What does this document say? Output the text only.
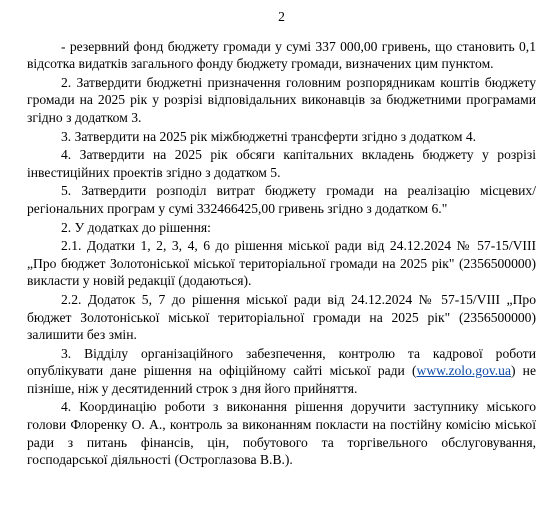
2

- резервний фонд бюджету громади у сумі 337 000,00 гривень, що становить 0,1 відсотка видатків загального фонду бюджету громади, визначених цим пунктом.

2. Затвердити бюджетні призначення головним розпорядникам коштів бюджету громади на 2025 рік у розрізі відповідальних виконавців за бюджетними програмами згідно з додатком 3.

3. Затвердити на 2025 рік міжбюджетні трансферти згідно з додатком 4.

4. Затвердити на 2025 рік обсяги капітальних вкладень бюджету у розрізі інвестиційних проектів згідно з додатком 5.

5. Затвердити розподіл витрат бюджету громади на реалізацію місцевих/регіональних програм у сумі 332466425,00 гривень згідно з додатком 6."

2. У додатках до рішення:

2.1. Додатки 1, 2, 3, 4, 6 до рішення міської ради від 24.12.2024 № 57-15/VIII „Про бюджет Золотоніської міської територіальної громади на 2025 рік" (2356500000) викласти у новій редакції (додаються).

2.2. Додаток 5, 7 до рішення міської ради від 24.12.2024 № 57-15/VIII „Про бюджет Золотоніської міської територіальної громади на 2025 рік" (2356500000) залишити без змін.

3. Відділу організаційного забезпечення, контролю та кадрової роботи опублікувати дане рішення на офіційному сайті міської ради (www.zolo.gov.ua) не пізніше, ніж у десятиденний строк з дня його прийняття.

4. Координацію роботи з виконання рішення доручити заступнику міського голови Флоренку О. А., контроль за виконанням покласти на постійну комісію міської ради з питань фінансів, цін, побутового та торгівельного обслуговування, господарської діяльності (Остроглазова В.В.).
